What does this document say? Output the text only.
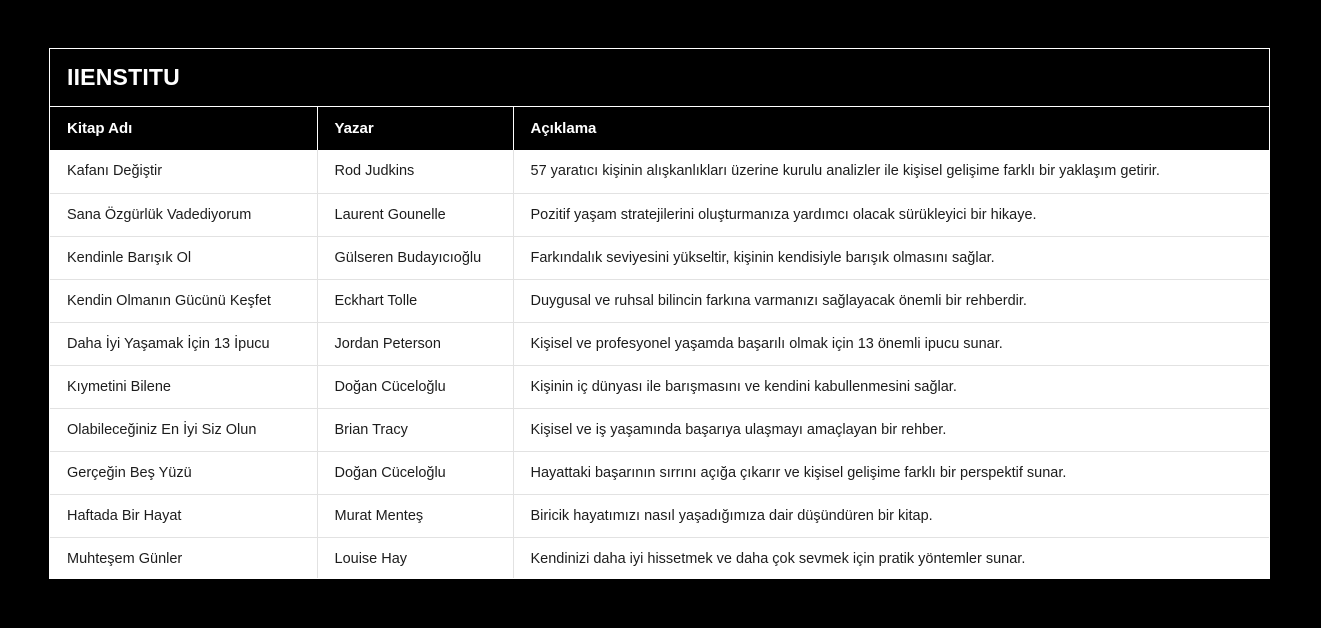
IIENSTITU
Kitap Adı	Yazar	Açıklama
Kafanı Değiştir	Rod Judkins	57 yaratıcı kişinin alışkanlıkları üzerine kurulu analizler ile kişisel gelişime farklı bir yaklaşım getirir.
Sana Özgürlük Vadediyorum	Laurent Gounelle	Pozitif yaşam stratejilerini oluşturmanıza yardımcı olacak sürükleyici bir hikaye.
Kendinle Barışık Ol	Gülseren Budayıcıoğlu	Farkındalık seviyesini yükseltir, kişinin kendisiyle barışık olmasını sağlar.
Kendin Olmanın Gücünü Keşfet	Eckhart Tolle	Duygusal ve ruhsal bilincin farkına varmanızı sağlayacak önemli bir rehberdir.
Daha İyi Yaşamak İçin 13 İpucu	Jordan Peterson	Kişisel ve profesyonel yaşamda başarılı olmak için 13 önemli ipucu sunar.
Kıymetini Bilene	Doğan Cüceloğlu	Kişinin iç dünyası ile barışmasını ve kendini kabullenmesini sağlar.
Olabileceğiniz En İyi Siz Olun	Brian Tracy	Kişisel ve iş yaşamında başarıya ulaşmayı amaçlayan bir rehber.
Gerçeğin Beş Yüzü	Doğan Cüceloğlu	Hayattaki başarının sırrını açığa çıkarır ve kişisel gelişime farklı bir perspektif sunar.
Haftada Bir Hayat	Murat Menteş	Biricik hayatımızı nasıl yaşadığımıza dair düşündüren bir kitap.
Muhteşem Günler	Louise Hay	Kendinizi daha iyi hissetmek ve daha çok sevmek için pratik yöntemler sunar.
